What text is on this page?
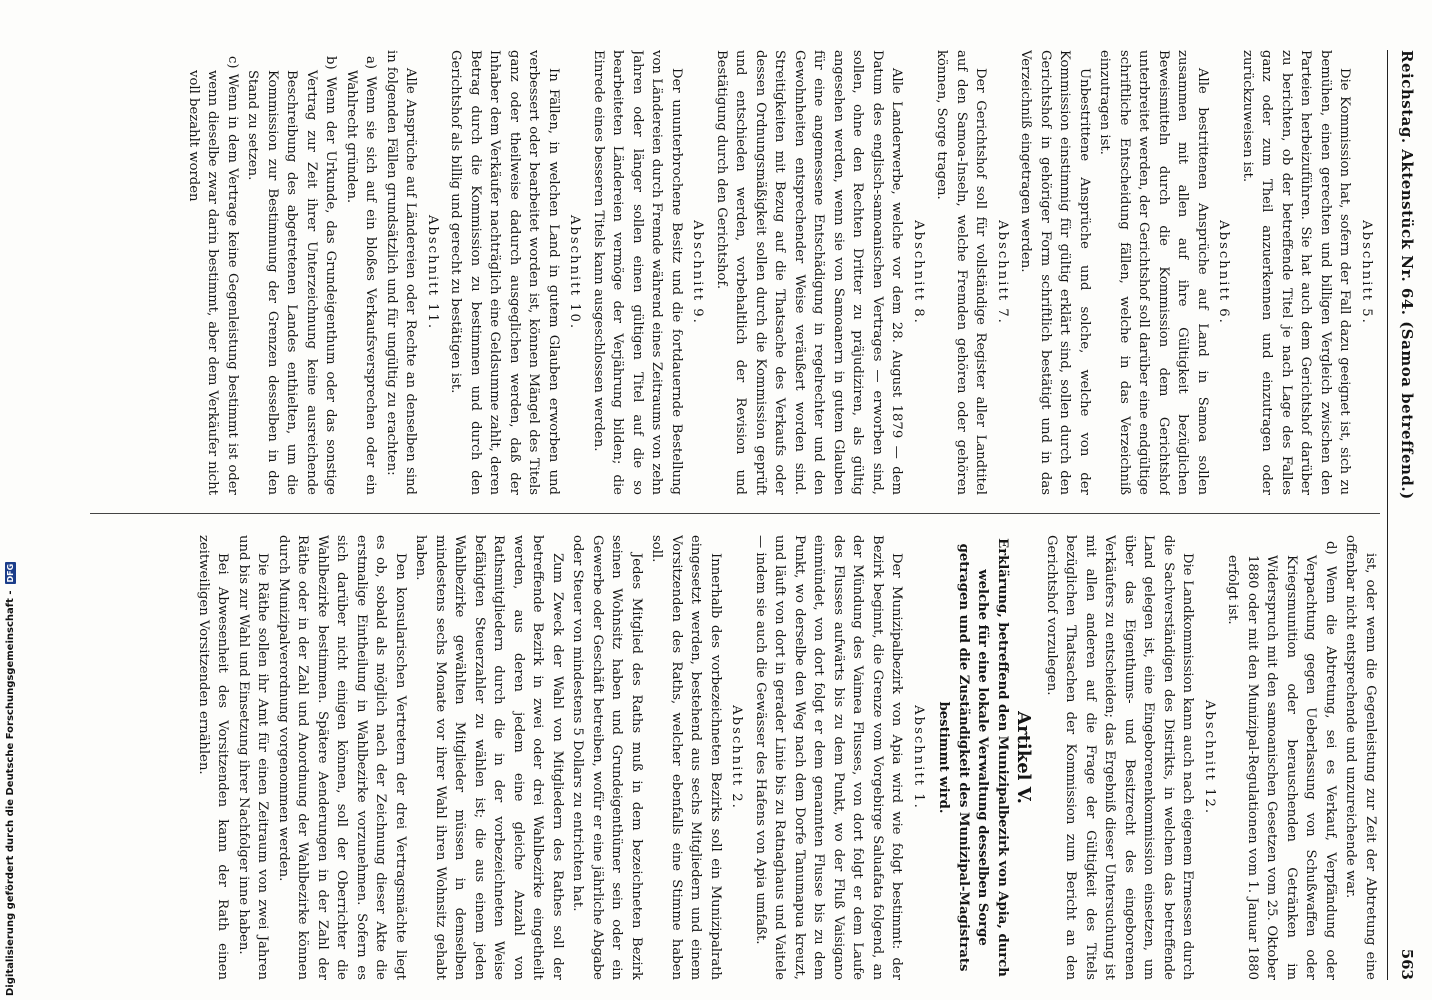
Reichstag. Aktenstück Nr. 64. (Samoa betreffend.)
563
Abschnitt 5.
Die Kommission hat, sofern der Fall dazu geeignet ist, sich zu bemühen, einen gerechten und billigen Vergleich zwischen den Parteien herbeizuführen. Sie hat auch dem Gerichtshof darüber zu berichten, ob der betreffende Titel je nach Lage des Falles ganz oder zum Theil anzuerkennen und einzutragen oder zurückzuweisen ist.
Abschnitt 6.
Alle bestrittenen Ansprüche auf Land in Samoa sollen zusammen mit allen auf ihre Gültigkeit bezüglichen Beweismitteln durch die Kommission dem Gerichtshof unterbreitet werden, der Gerichtshof soll darüber eine endgültige schriftliche Entscheidung fällen, welche in das Verzeichniß einzutragen ist.
Unbestrittene Ansprüche und solche, welche von der Kommission einstimmig für gültig erklärt sind, sollen durch den Gerichtshof in gehöriger Form schriftlich bestätigt und in das Verzeichniß eingetragen werden.
Abschnitt 7.
Der Gerichtshof soll für vollständige Register aller Landtitel auf den Samoa-Inseln, welche Fremden gehören oder gehören können, Sorge tragen.
Abschnitt 8.
Alle Landerwerbe, welche vor dem 28. August 1879 — dem Datum des englisch-samoanischen Vertrages — erworben sind, sollen, ohne den Rechten Dritter zu präjudiziren, als gültig angesehen werden, wenn sie von Samoanern in gutem Glauben für eine angemessene Entschädigung in regelrechter und den Gewohnheiten entsprechender Weise veräußert worden sind. Streitigkeiten mit Bezug auf die Thatsache des Verkaufs oder dessen Ordnungsmäßigkeit sollen durch die Kommission geprüft und entschieden werden, vorbehaltlich der Revision und Bestätigung durch den Gerichtshof.
Abschnitt 9.
Der ununterbrochene Besitz und die fortdauernde Bestellung von Ländereien durch Fremde während eines Zeitraums von zehn Jahren oder länger sollen einen gültigen Titel auf die so bearbeiteten Ländereien vermöge der Verjährung bilden; die Einrede eines besseren Titels kann ausgeschlossen werden.
Abschnitt 10.
In Fällen, in welchen Land in gutem Glauben erworben und verbessert oder bearbeitet worden ist, können Mängel des Titels ganz oder theilweise dadurch ausgeglichen werden, daß der Inhaber dem Verkäufer nachträglich eine Geldsumme zahlt, deren Betrag durch die Kommission zu bestimmen und durch den Gerichtshof als billig und gerecht zu bestätigen ist.
Abschnitt 11.
Alle Ansprüche auf Ländereien oder Rechte an denselben sind in folgenden Fällen grundsätzlich und für ungültig zu erachten:
a) Wenn sie sich auf ein bloßes Verkaufsversprechen oder ein Wahlrecht gründen.
b) Wenn der Urkunde, das Grundeigenthum oder das sonstige Vertrag zur Zeit ihrer Unterzeichnung keine ausreichende Beschreibung des abgetretenen Landes enthielten, um die Kommission zur Bestimmung der Grenzen desselben in den Stand zu setzen.
c) Wenn in dem Vertrage keine Gegenleistung bestimmt ist oder wenn dieselbe zwar darin bestimmt, aber dem Verkäufer nicht voll bezahlt worden
ist, oder wenn die Gegenleistung zur Zeit der Abtretung eine offenbar nicht entsprechende und unzureichende war.
d) Wenn die Abtretung, sei es Verkauf, Verpfändung oder Verpachtung gegen Ueberlassung von Schußwaffen oder Kriegsmunition oder berauschenden Getränken im Widerspruch mit den samoanischen Gesetzen vom 25. Oktober 1880 oder mit den Munizipal-Regulationen vom 1. Januar 1880 erfolgt ist.
Abschnitt 12.
Die Landkommission kann auch nach eigenem Ermessen durch die Sachverständigen des Distrikts, in welchem das betreffende Land gelegen ist, eine Eingeborenenkommission einsetzen, um über das Eigenthums- und Besitzrecht des eingeborenen Verkäufers zu entscheiden; das Ergebniß dieser Untersuchung ist mit allen anderen auf die Frage der Gültigkeit des Titels bezüglichen Thatsachen der Kommission zum Bericht an den Gerichtshof vorzulegen.
Artikel V.
Erklärung, betreffend den Munizipalbezirk von Apia, durch welche für eine lokale Verwaltung desselben Sorge getragen und die Zuständigkeit des Munizipal-Magistrats bestimmt wird.
Abschnitt 1.
Der Munizipalbezirk von Apia wird wie folgt bestimmt: der Bezirk beginnt, die Grenze vom Vorgebirge Saluafata folgend, an der Mündung des Vaimea Flusses, von dort folgt er dem Laufe des Flusses aufwärts bis zu dem Punkt, wo der Fluß Vaisigano einmündet, von dort folgt er dem genannten Flusse bis zu dem Punkt, wo derselbe den Weg nach dem Dorfe Tanumapua kreuzt, und läuft von dort in gerader Linie bis zu Ratnaghaus und Vaitele — indem sie auch die Gewässer des Hafens von Apia umfaßt.
Abschnitt 2.
Innerhalb des vorbezeichneten Bezirks soll ein Munizipalrath eingesetzt werden, bestehend aus sechs Mitgliedern und einem Vorsitzenden des Raths, welcher ebenfalls eine Stimme haben soll.
Jedes Mitglied des Raths muß in dem bezeichneten Bezirk seinen Wohnsitz haben und Grundeigenthümer sein oder ein Gewerbe oder Geschäft betreiben, wofür er eine jährliche Abgabe oder Steuer von mindestens 5 Dollars zu entrichten hat.
Zum Zweck der Wahl von Mitgliedern des Rathes soll der betreffende Bezirk in zwei oder drei Wahlbezirke eingetheilt werden, aus deren jedem eine gleiche Anzahl von Rathsmitgliedern durch die in der vorbezeichneten Weise befähigten Steuerzahler zu wählen ist; die aus einem jeden Wahlbezirke gewählten Mitglieder müssen in demselben mindestens sechs Monate vor ihrer Wahl ihren Wohnsitz gehabt haben.
Den konsularischen Vertretern der drei Vertragsmächte liegt es ob, sobald als möglich nach der Zeichnung dieser Akte die erstmalige Eintheilung in Wahlbezirke vorzunehmen. Sofern es sich darüber nicht einigen können, soll der Oberrichter die Wahlbezirke bestimmen. Spätere Aenderungen in der Zahl der Räthe oder in der Zahl und Anordnung der Wahlbezirke können durch Munizipalverordnung vorgenommen werden.
Die Räthe sollen ihr Amt für einen Zeitraum von zwei Jahren und bis zur Wahl und Einsetzung ihrer Nachfolger inne haben.
Bei Abwesenheit des Vorsitzenden kann der Rath einen zeitweiligen Vorsitzenden ernählen.
Digitalisierung gefördert durch die Deutsche Forschungsgemeinschaft -
DFG
